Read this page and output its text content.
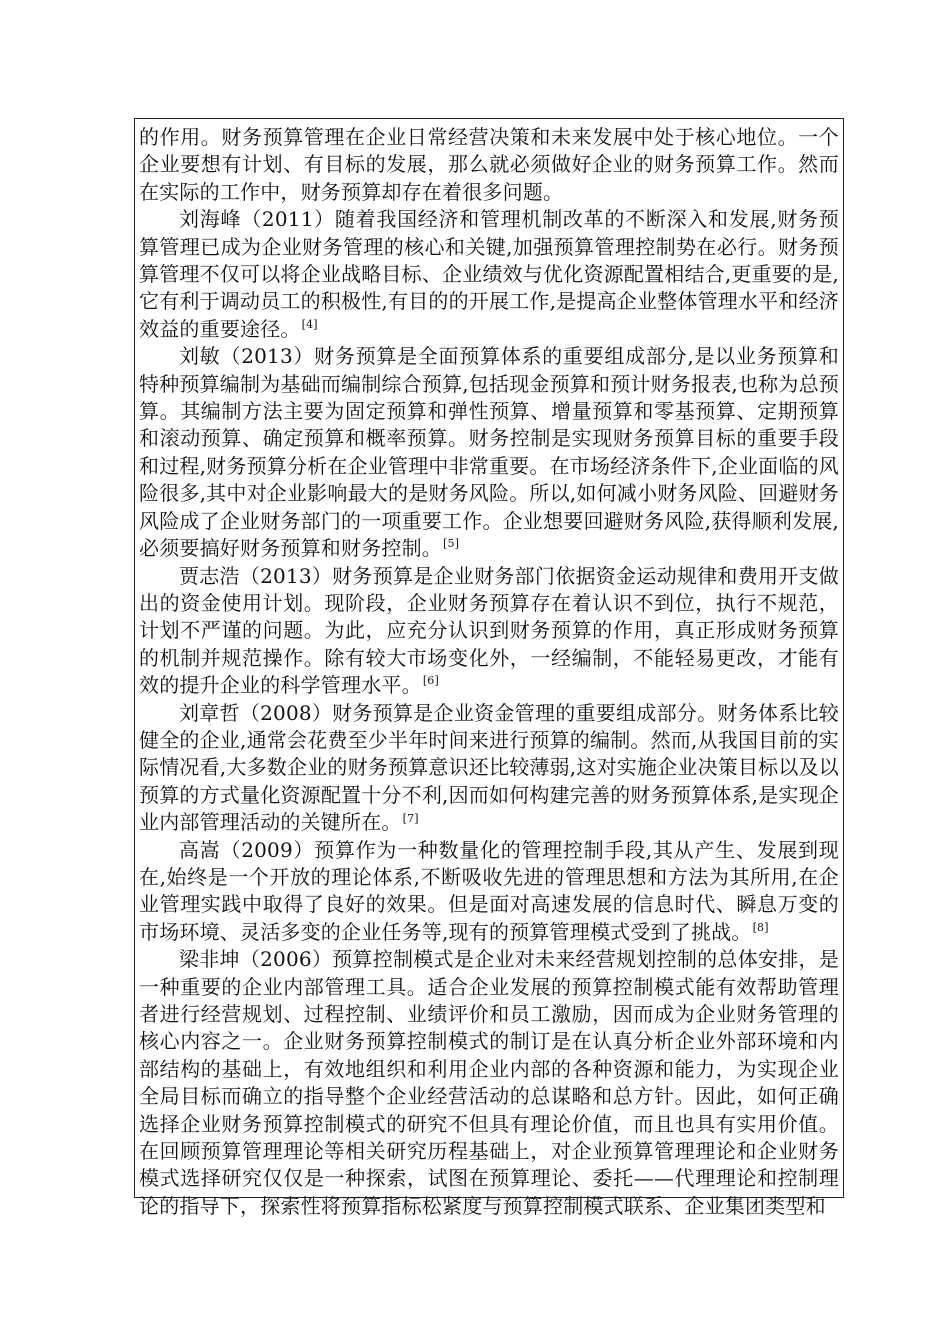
的作用。财务预算管理在企业日常经营决策和未来发展中处于核心地位。一个企业要想有计划、有目标的发展，那么就必须做好企业的财务预算工作。然而在实际的工作中，财务预算却存在着很多问题。

刘海峰（2011）随着我国经济和管理机制改革的不断深入和发展,财务预算管理已成为企业财务管理的核心和关键,加强预算管理控制势在必行。财务预算管理不仅可以将企业战略目标、企业绩效与优化资源配置相结合,更重要的是,它有利于调动员工的积极性,有目的的开展工作,是提高企业整体管理水平和经济效益的重要途径。[4]

刘敏（2013）财务预算是全面预算体系的重要组成部分,是以业务预算和特种预算编制为基础而编制综合预算,包括现金预算和预计财务报表,也称为总预算。其编制方法主要为固定预算和弹性预算、增量预算和零基预算、定期预算和滚动预算、确定预算和概率预算。财务控制是实现财务预算目标的重要手段和过程,财务预算分析在企业管理中非常重要。在市场经济条件下,企业面临的风险很多,其中对企业影响最大的是财务风险。所以,如何减小财务风险、回避财务风险成了企业财务部门的一项重要工作。企业想要回避财务风险,获得顺利发展,必须要搞好财务预算和财务控制。[5]

贾志浩（2013）财务预算是企业财务部门依据资金运动规律和费用开支做出的资金使用计划。现阶段，企业财务预算存在着认识不到位，执行不规范，计划不严谨的问题。为此，应充分认识到财务预算的作用，真正形成财务预算的机制并规范操作。除有较大市场变化外，一经编制，不能轻易更改，才能有效的提升企业的科学管理水平。[6]

刘章哲（2008）财务预算是企业资金管理的重要组成部分。财务体系比较健全的企业,通常会花费至少半年时间来进行预算的编制。然而,从我国目前的实际情况看,大多数企业的财务预算意识还比较薄弱,这对实施企业决策目标以及以预算的方式量化资源配置十分不利,因而如何构建完善的财务预算体系,是实现企业内部管理活动的关键所在。[7]

高嵩（2009）预算作为一种数量化的管理控制手段,其从产生、发展到现在,始终是一个开放的理论体系,不断吸收先进的管理思想和方法为其所用,在企业管理实践中取得了良好的效果。但是面对高速发展的信息时代、瞬息万变的市场环境、灵活多变的企业任务等,现有的预算管理模式受到了挑战。[8]

梁非坤（2006）预算控制模式是企业对未来经营规划控制的总体安排，是一种重要的企业内部管理工具。适合企业发展的预算控制模式能有效帮助管理者进行经营规划、过程控制、业绩评价和员工激励，因而成为企业财务管理的核心内容之一。企业财务预算控制模式的制订是在认真分析企业外部环境和内部结构的基础上，有效地组织和利用企业内部的各种资源和能力，为实现企业全局目标而确立的指导整个企业经营活动的总谋略和总方针。因此，如何正确选择企业财务预算控制模式的研究不但具有理论价值，而且也具有实用价值。 在回顾预算管理理论等相关研究历程基础上，对企业预算管理理论和企业财务模式选择研究仅仅是一种探索，试图在预算理论、委托——代理理论和控制理论的指导下，探索性将预算指标松紧度与预算控制模式联系、企业集团类型和
